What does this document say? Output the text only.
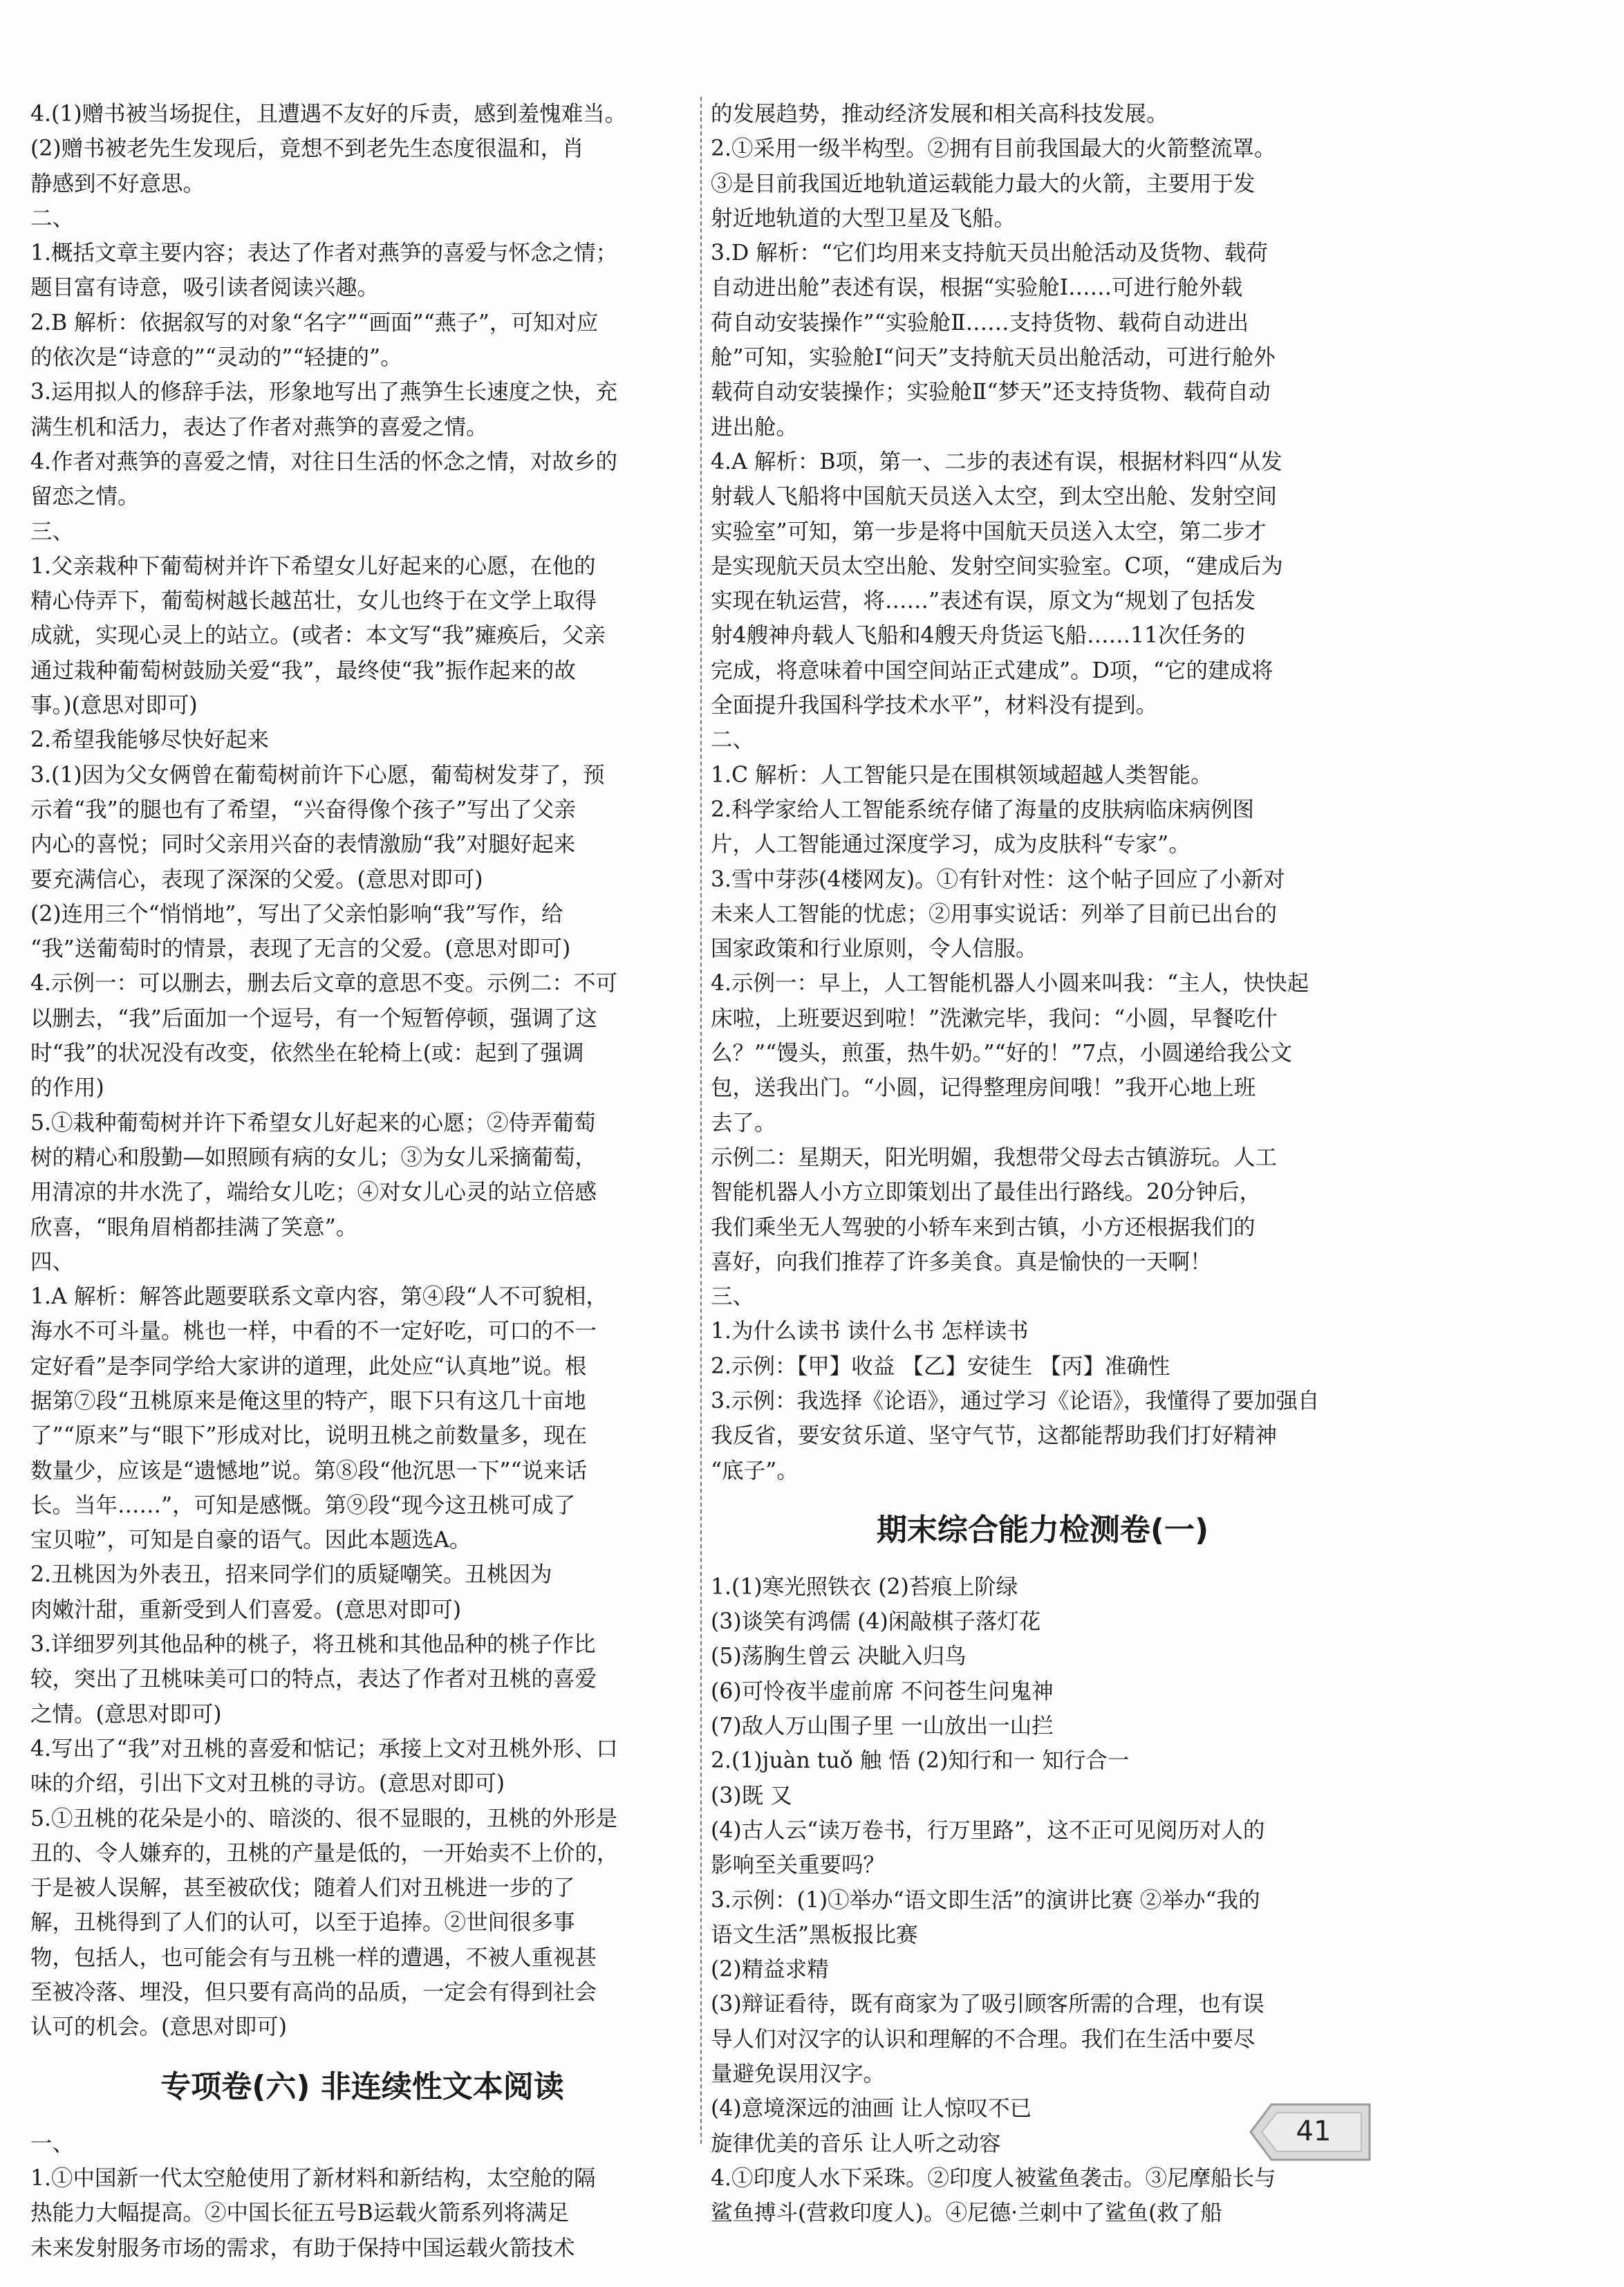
4.(1)赠书被当场捉住，且遭遇不友好的斥责，感到羞愧难当。
(2)赠书被老先生发现后，竟想不到老先生态度很温和，肖
静感到不好意思。
二、
1.概括文章主要内容；表达了作者对燕笋的喜爱与怀念之情；
题目富有诗意，吸引读者阅读兴趣。
2.B 解析：依据叙写的对象“名字”“画面”“燕子”，可知对应
的依次是“诗意的”“灵动的”“轻捷的”。
3.运用拟人的修辞手法，形象地写出了燕笋生长速度之快，充
满生机和活力，表达了作者对燕笋的喜爱之情。
4.作者对燕笋的喜爱之情，对往日生活的怀念之情，对故乡的
留恋之情。
三、
1.父亲栽种下葡萄树并许下希望女儿好起来的心愿，在他的
精心侍弄下，葡萄树越长越茁壮，女儿也终于在文学上取得
成就，实现心灵上的站立。(或者：本文写“我”瘫痪后，父亲
通过栽种葡萄树鼓励关爱“我”，最终使“我”振作起来的故
事。)(意思对即可)
2.希望我能够尽快好起来
3.(1)因为父女俩曾在葡萄树前许下心愿，葡萄树发芽了，预
示着“我”的腿也有了希望，“兴奋得像个孩子”写出了父亲
内心的喜悦；同时父亲用兴奋的表情激励“我”对腿好起来
要充满信心，表现了深深的父爱。(意思对即可)
(2)连用三个“悄悄地”，写出了父亲怕影响“我”写作，给
“我”送葡萄时的情景，表现了无言的父爱。(意思对即可)
4.示例一：可以删去，删去后文章的意思不变。示例二：不可
以删去，“我”后面加一个逗号，有一个短暂停顿，强调了这
时“我”的状况没有改变，依然坐在轮椅上(或：起到了强调
的作用)
5.①栽种葡萄树并许下希望女儿好起来的心愿；②侍弄葡萄
树的精心和殷勤—如照顾有病的女儿；③为女儿采摘葡萄，
用清凉的井水洗了，端给女儿吃；④对女儿心灵的站立倍感
欣喜，“眼角眉梢都挂满了笑意”。
四、
1.A 解析：解答此题要联系文章内容，第④段“人不可貌相，
海水不可斗量。桃也一样，中看的不一定好吃，可口的不一
定好看”是李同学给大家讲的道理，此处应“认真地”说。根
据第⑦段“丑桃原来是俺这里的特产，眼下只有这几十亩地
了”“原来”与“眼下”形成对比，说明丑桃之前数量多，现在
数量少，应该是“遗憾地”说。第⑧段“他沉思一下”“说来话
长。当年……”，可知是感慨。第⑨段“现今这丑桃可成了
宝贝啦”，可知是自豪的语气。因此本题选A。
2.丑桃因为外表丑，招来同学们的质疑嘲笑。丑桃因为
肉嫩汁甜，重新受到人们喜爱。(意思对即可)
3.详细罗列其他品种的桃子，将丑桃和其他品种的桃子作比
较，突出了丑桃味美可口的特点，表达了作者对丑桃的喜爱
之情。(意思对即可)
4.写出了“我”对丑桃的喜爱和惦记；承接上文对丑桃外形、口
味的介绍，引出下文对丑桃的寻访。(意思对即可)
5.①丑桃的花朵是小的、暗淡的、很不显眼的，丑桃的外形是
丑的、令人嫌弃的，丑桃的产量是低的，一开始卖不上价的，
于是被人误解，甚至被砍伐；随着人们对丑桃进一步的了
解，丑桃得到了人们的认可，以至于追捧。②世间很多事
物，包括人，也可能会有与丑桃一样的遭遇，不被人重视甚
至被冷落、埋没，但只要有高尚的品质，一定会有得到社会
认可的机会。(意思对即可)
专项卷(六) 非连续性文本阅读
一、
1.①中国新一代太空舱使用了新材料和新结构，太空舱的隔
热能力大幅提高。②中国长征五号B运载火箭系列将满足
未来发射服务市场的需求，有助于保持中国运载火箭技术
的发展趋势，推动经济发展和相关高科技发展。
2.①采用一级半构型。②拥有目前我国最大的火箭整流罩。
③是目前我国近地轨道运载能力最大的火箭，主要用于发
射近地轨道的大型卫星及飞船。
3.D 解析：“它们均用来支持航天员出舱活动及货物、载荷
自动进出舱”表述有误，根据“实验舱Ⅰ……可进行舱外载
荷自动安装操作”“实验舱Ⅱ……支持货物、载荷自动进出
舱”可知，实验舱Ⅰ“问天”支持航天员出舱活动，可进行舱外
载荷自动安装操作；实验舱Ⅱ“梦天”还支持货物、载荷自动
进出舱。
4.A 解析：B项，第一、二步的表述有误，根据材料四“从发
射载人飞船将中国航天员送入太空，到太空出舱、发射空间
实验室”可知，第一步是将中国航天员送入太空，第二步才
是实现航天员太空出舱、发射空间实验室。C项，“建成后为
实现在轨运营，将……”表述有误，原文为“规划了包括发
射4艘神舟载人飞船和4艘天舟货运飞船……11次任务的
完成，将意味着中国空间站正式建成”。D项，“它的建成将
全面提升我国科学技术水平”，材料没有提到。
二、
1.C 解析：人工智能只是在围棋领域超越人类智能。
2.科学家给人工智能系统存储了海量的皮肤病临床病例图
片，人工智能通过深度学习，成为皮肤科“专家”。
3.雪中芽莎(4楼网友)。①有针对性：这个帖子回应了小新对
未来人工智能的忧虑；②用事实说话：列举了目前已出台的
国家政策和行业原则，令人信服。
4.示例一：早上，人工智能机器人小圆来叫我：“主人，快快起
床啦，上班要迟到啦！”洗漱完毕，我问：“小圆，早餐吃什
么？”“馒头，煎蛋，热牛奶。”“好的！”7点，小圆递给我公文
包，送我出门。“小圆，记得整理房间哦！”我开心地上班
去了。
示例二：星期天，阳光明媚，我想带父母去古镇游玩。人工
智能机器人小方立即策划出了最佳出行路线。20分钟后，
我们乘坐无人驾驶的小轿车来到古镇，小方还根据我们的
喜好，向我们推荐了许多美食。真是愉快的一天啊！
三、
1.为什么读书 读什么书 怎样读书
2.示例：【甲】收益 【乙】安徒生 【丙】准确性
3.示例：我选择《论语》，通过学习《论语》，我懂得了要加强自
我反省，要安贫乐道、坚守气节，这都能帮助我们打好精神
“底子”。
期末综合能力检测卷(一)
1.(1)寒光照铁衣 (2)苔痕上阶绿
(3)谈笑有鸿儒 (4)闲敲棋子落灯花
(5)荡胸生曾云 决眦入归鸟
(6)可怜夜半虚前席 不问苍生问鬼神
(7)敌人万山围子里 一山放出一山拦
2.(1)juàn tuǒ 触 悟 (2)知行和一 知行合一
(3)既 又
(4)古人云“读万卷书，行万里路”，这不正可见阅历对人的
影响至关重要吗？
3.示例：(1)①举办“语文即生活”的演讲比赛 ②举办“我的
语文生活”黑板报比赛
(2)精益求精
(3)辩证看待，既有商家为了吸引顾客所需的合理，也有误
导人们对汉字的认识和理解的不合理。我们在生活中要尽
量避免误用汉字。
(4)意境深远的油画 让人惊叹不已
旋律优美的音乐 让人听之动容
4.①印度人水下采珠。②印度人被鲨鱼袭击。③尼摩船长与
鲨鱼搏斗(营救印度人)。④尼德·兰刺中了鲨鱼(救了船
41
